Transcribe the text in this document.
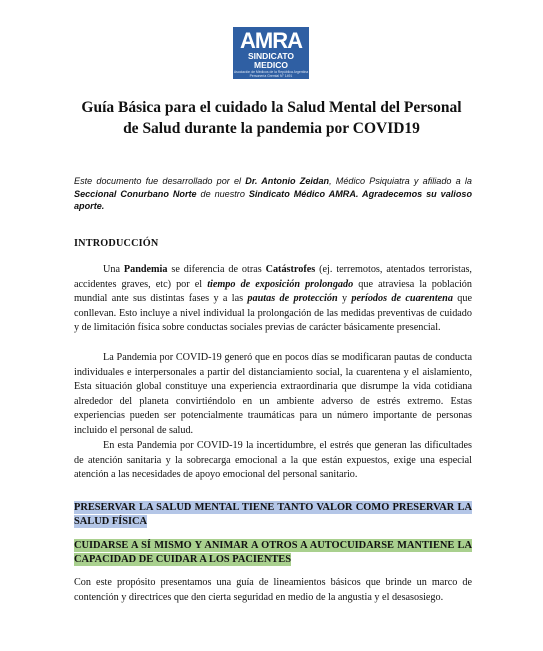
AMRA
SINDICATO MEDICO
Asociación de Médicos de la República Argentina
Personería Gremial N° 1491
Guía Básica para el cuidado la Salud Mental del Personal
de Salud durante la pandemia por COVID19
Este documento fue desarrollado por el Dr. Antonio Zeidan, Médico Psiquiatra y afiliado a la Seccional Conurbano Norte de nuestro Sindicato Médico AMRA. Agradecemos su valioso aporte.
INTRODUCCIÓN

Una Pandemia se diferencia de otras Catástrofes (ej. terremotos, atentados terroristas, accidentes graves, etc) por el tiempo de exposición prolongado que atraviesa la población mundial ante sus distintas fases y a las pautas de protección y períodos de cuarentena que conllevan. Esto incluye a nivel individual la prolongación de las medidas preventivas de cuidado y de limitación física sobre conductas sociales previas de carácter básicamente presencial.

La Pandemia por COVID-19 generó que en pocos días se modificaran pautas de conducta individuales e interpersonales a partir del distanciamiento social, la cuarentena y el aislamiento, Esta situación global constituye una experiencia extraordinaria que disrumpe la vida cotidiana alrededor del planeta convirtiéndolo en un ambiente adverso de estrés extremo. Estas experiencias pueden ser potencialmente traumáticas para un número importante de personas incluido el personal de salud.

En esta Pandemia por COVID-19 la incertidumbre, el estrés que generan las dificultades de atención sanitaria y la sobrecarga emocional a la que están expuestos, exige una especial atención a las necesidades de apoyo emocional del personal sanitario.

PRESERVAR LA SALUD MENTAL TIENE TANTO VALOR COMO PRESERVAR LA SALUD FÍSICA
CUIDARSE A SÍ MISMO Y ANIMAR A OTROS A AUTOCUIDARSE MANTIENE LA CAPACIDAD DE CUIDAR A LOS PACIENTES

Con este propósito presentamos una guía de lineamientos básicos que brinde un marco de contención y directrices que den cierta seguridad en medio de la angustia y el desasosiego.
